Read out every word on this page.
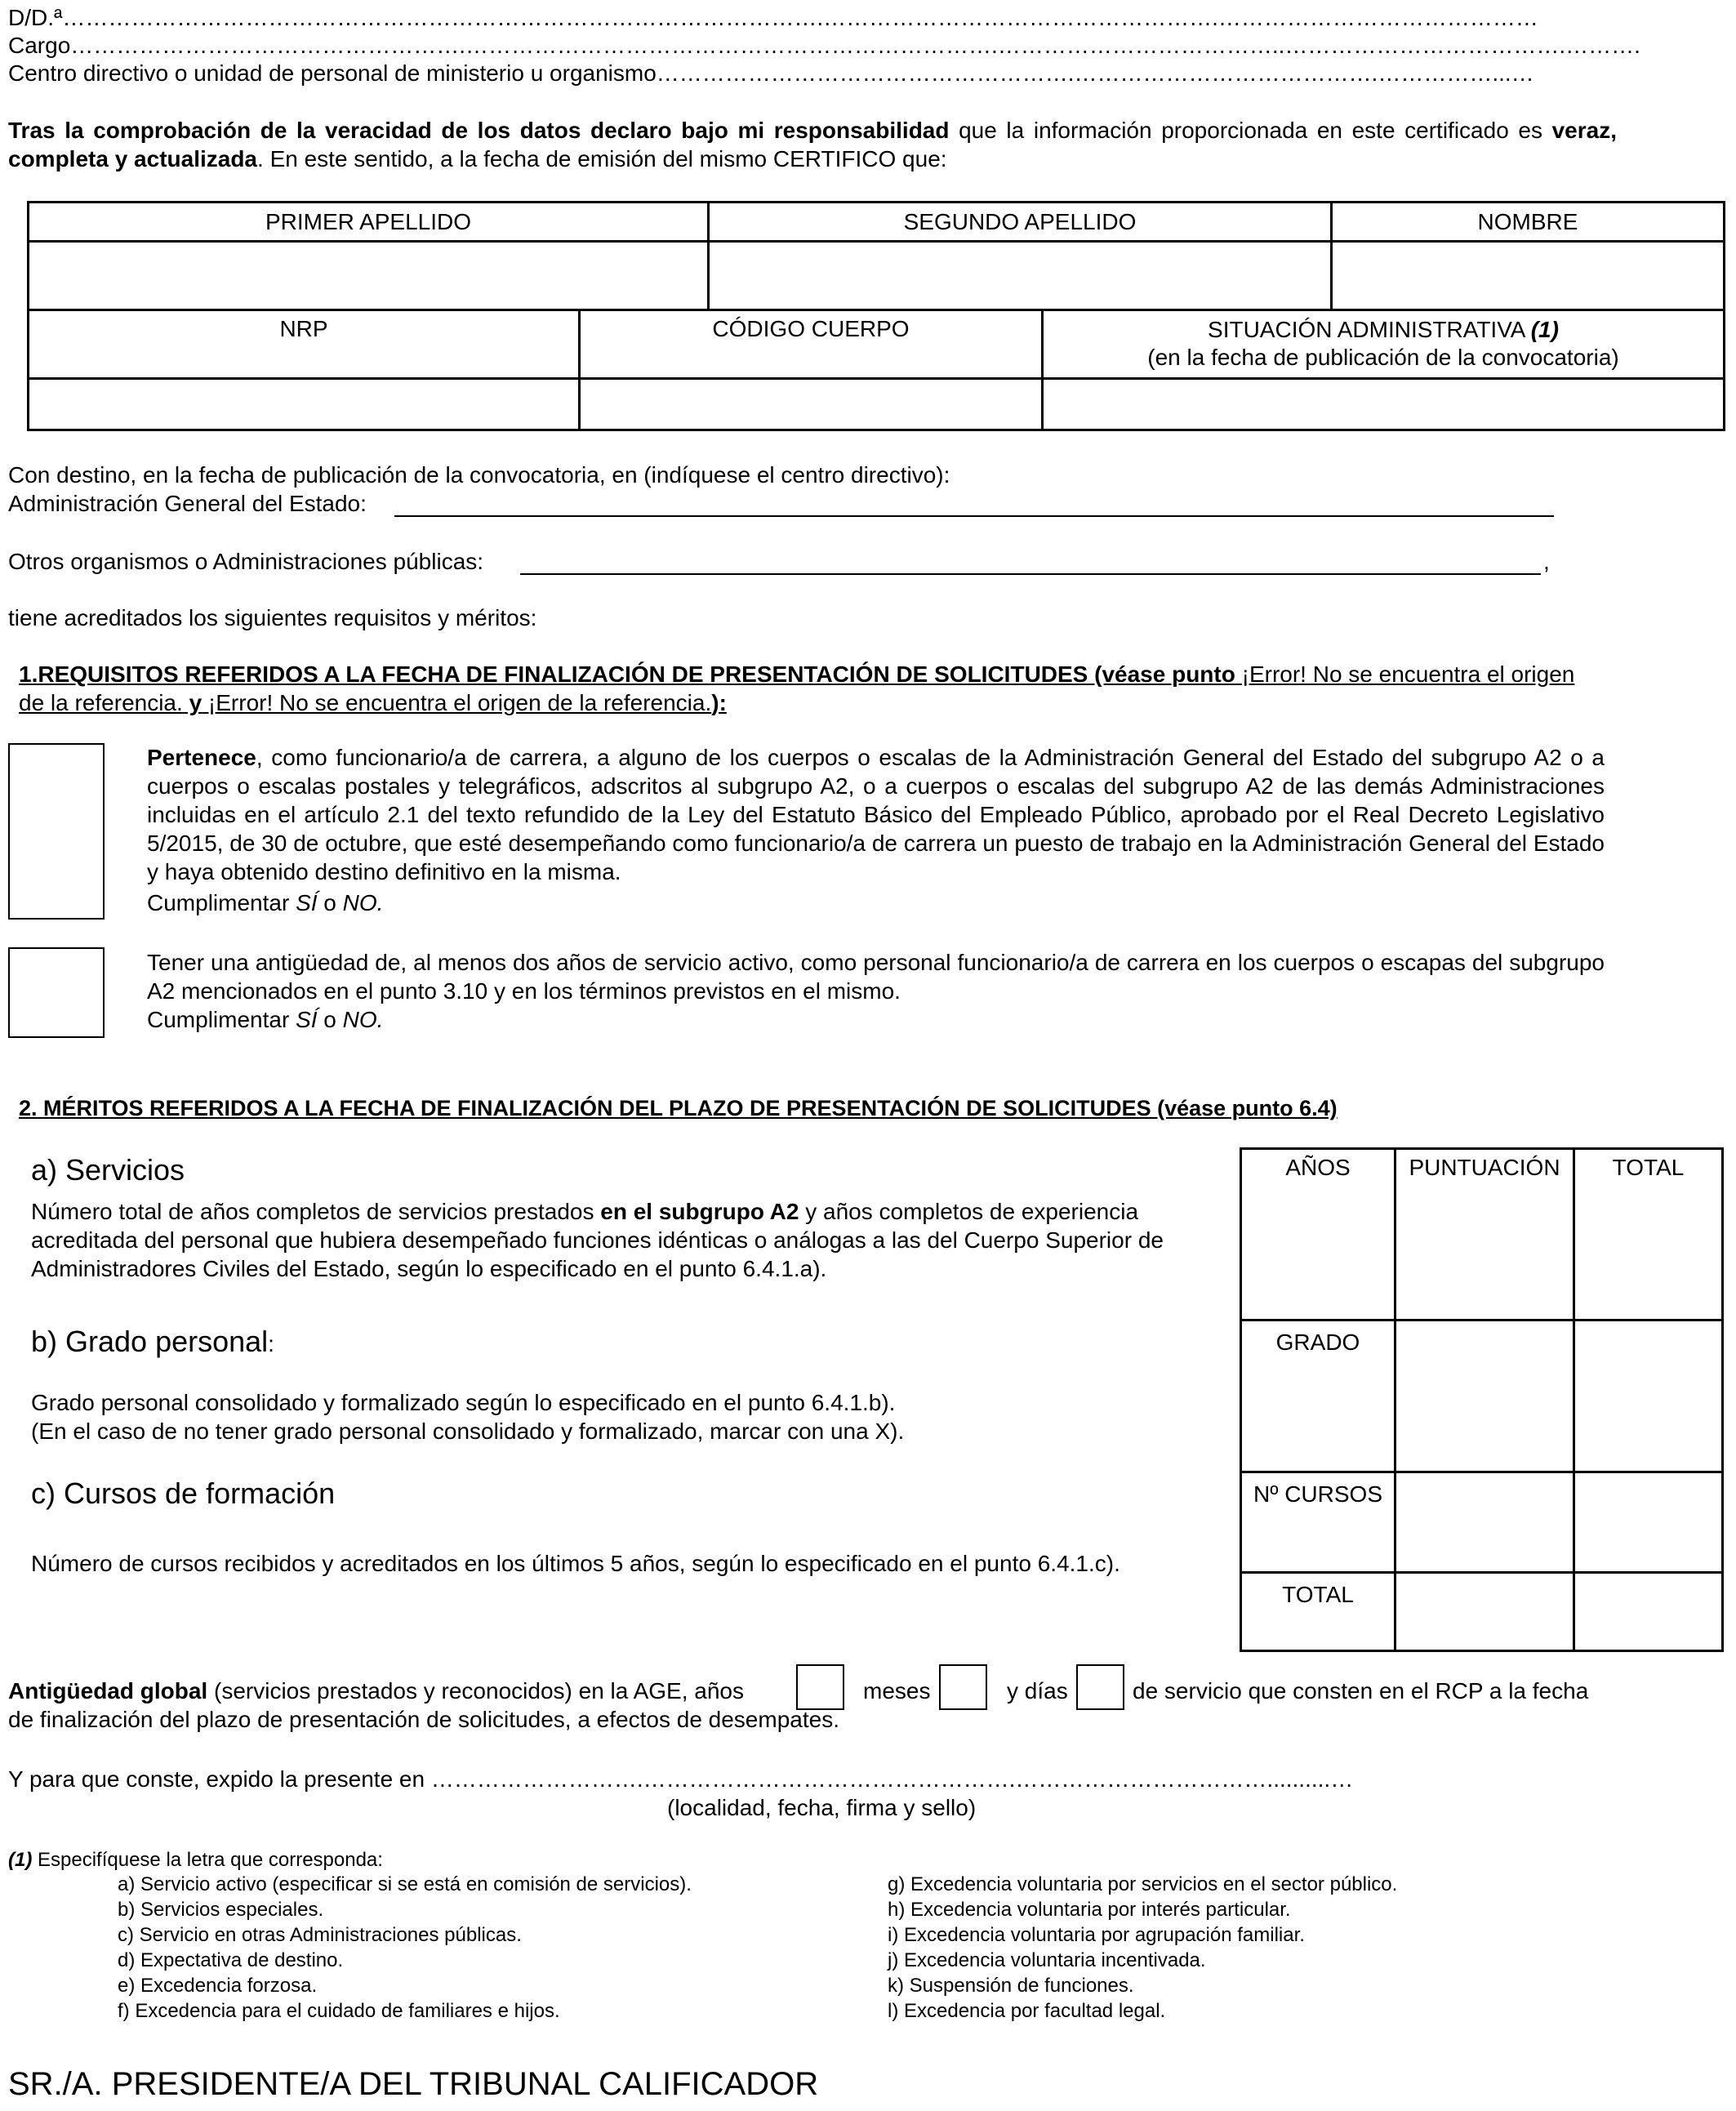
D/D.ª……………………………………………………………………………………….…………………………………………….……………………………………
Cargo…………………………………………….…………………………………………………………….………………………………..……………………………….……….
Centro directivo o unidad de personal de ministerio u organismo……………………………………………….………………………………….……………...…
Tras la comprobación de la veracidad de los datos declaro bajo mi responsabilidad que la información proporcionada en este certificado es veraz, completa y actualizada. En este sentido, a la fecha de emisión del mismo CERTIFICO que:
PRIMER APELLIDO	SEGUNDO APELLIDO	NOMBRE

NRP	CÓDIGO CUERPO	SITUACIÓN ADMINISTRATIVA (1)
(en la fecha de publicación de la convocatoria)

Con destino, en la fecha de publicación de la convocatoria, en (indíquese el centro directivo):
Administración General del Estado:
Otros organismos o Administraciones públicas:	,
tiene acreditados los siguientes requisitos y méritos:
1.REQUISITOS REFERIDOS A LA FECHA DE FINALIZACIÓN DE PRESENTACIÓN DE SOLICITUDES (véase punto ¡Error! No se encuentra el origen de la referencia. y ¡Error! No se encuentra el origen de la referencia.):
Pertenece, como funcionario/a de carrera, a alguno de los cuerpos o escalas de la Administración General del Estado del subgrupo A2 o a cuerpos o escalas postales y telegráficos, adscritos al subgrupo A2, o a cuerpos o escalas del subgrupo A2 de las demás Administraciones incluidas en el artículo 2.1 del texto refundido de la Ley del Estatuto Básico del Empleado Público, aprobado por el Real Decreto Legislativo 5/2015, de 30 de octubre, que esté desempeñando como funcionario/a de carrera un puesto de trabajo en la Administración General del Estado y haya obtenido destino definitivo en la misma.
Cumplimentar SÍ o NO.
Tener una antigüedad de, al menos dos años de servicio activo, como personal funcionario/a de carrera en los cuerpos o escapas del subgrupo A2 mencionados en el punto 3.10 y en los términos previstos en el mismo.
Cumplimentar SÍ o NO.
2. MÉRITOS REFERIDOS A LA FECHA DE FINALIZACIÓN DEL PLAZO DE PRESENTACIÓN DE SOLICITUDES (véase punto 6.4)
a) Servicios
Número total de años completos de servicios prestados en el subgrupo A2 y años completos de experiencia acreditada del personal que hubiera desempeñado funciones idénticas o análogas a las del Cuerpo Superior de Administradores Civiles del Estado, según lo especificado en el punto 6.4.1.a).
b) Grado personal:
Grado personal consolidado y formalizado según lo especificado en el punto 6.4.1.b).
(En el caso de no tener grado personal consolidado y formalizado, marcar con una X).
c) Cursos de formación
Número de cursos recibidos y acreditados en los últimos 5 años, según lo especificado en el punto 6.4.1.c).
AÑOS	PUNTUACIÓN	TOTAL
GRADO		
Nº CURSOS		
TOTAL		
Antigüedad global (servicios prestados y reconocidos) en la AGE, años	meses	y días	de servicio que consten en el RCP a la fecha
de finalización del plazo de presentación de solicitudes, a efectos de desempates.
Y para que conste, expido la presente en ……………………….………………………………………….……………………………..........…
(localidad, fecha, firma y sello)
(1) Especifíquese la letra que corresponda:
a) Servicio activo (especificar si se está en comisión de servicios).
b) Servicios especiales.
c) Servicio en otras Administraciones públicas.
d) Expectativa de destino.
e) Excedencia forzosa.
f) Excedencia para el cuidado de familiares e hijos.
g) Excedencia voluntaria por servicios en el sector público.
h) Excedencia voluntaria por interés particular.
i) Excedencia voluntaria por agrupación familiar.
j) Excedencia voluntaria incentivada.
k) Suspensión de funciones.
l) Excedencia por facultad legal.
SR./A. PRESIDENTE/A DEL TRIBUNAL CALIFICADOR
